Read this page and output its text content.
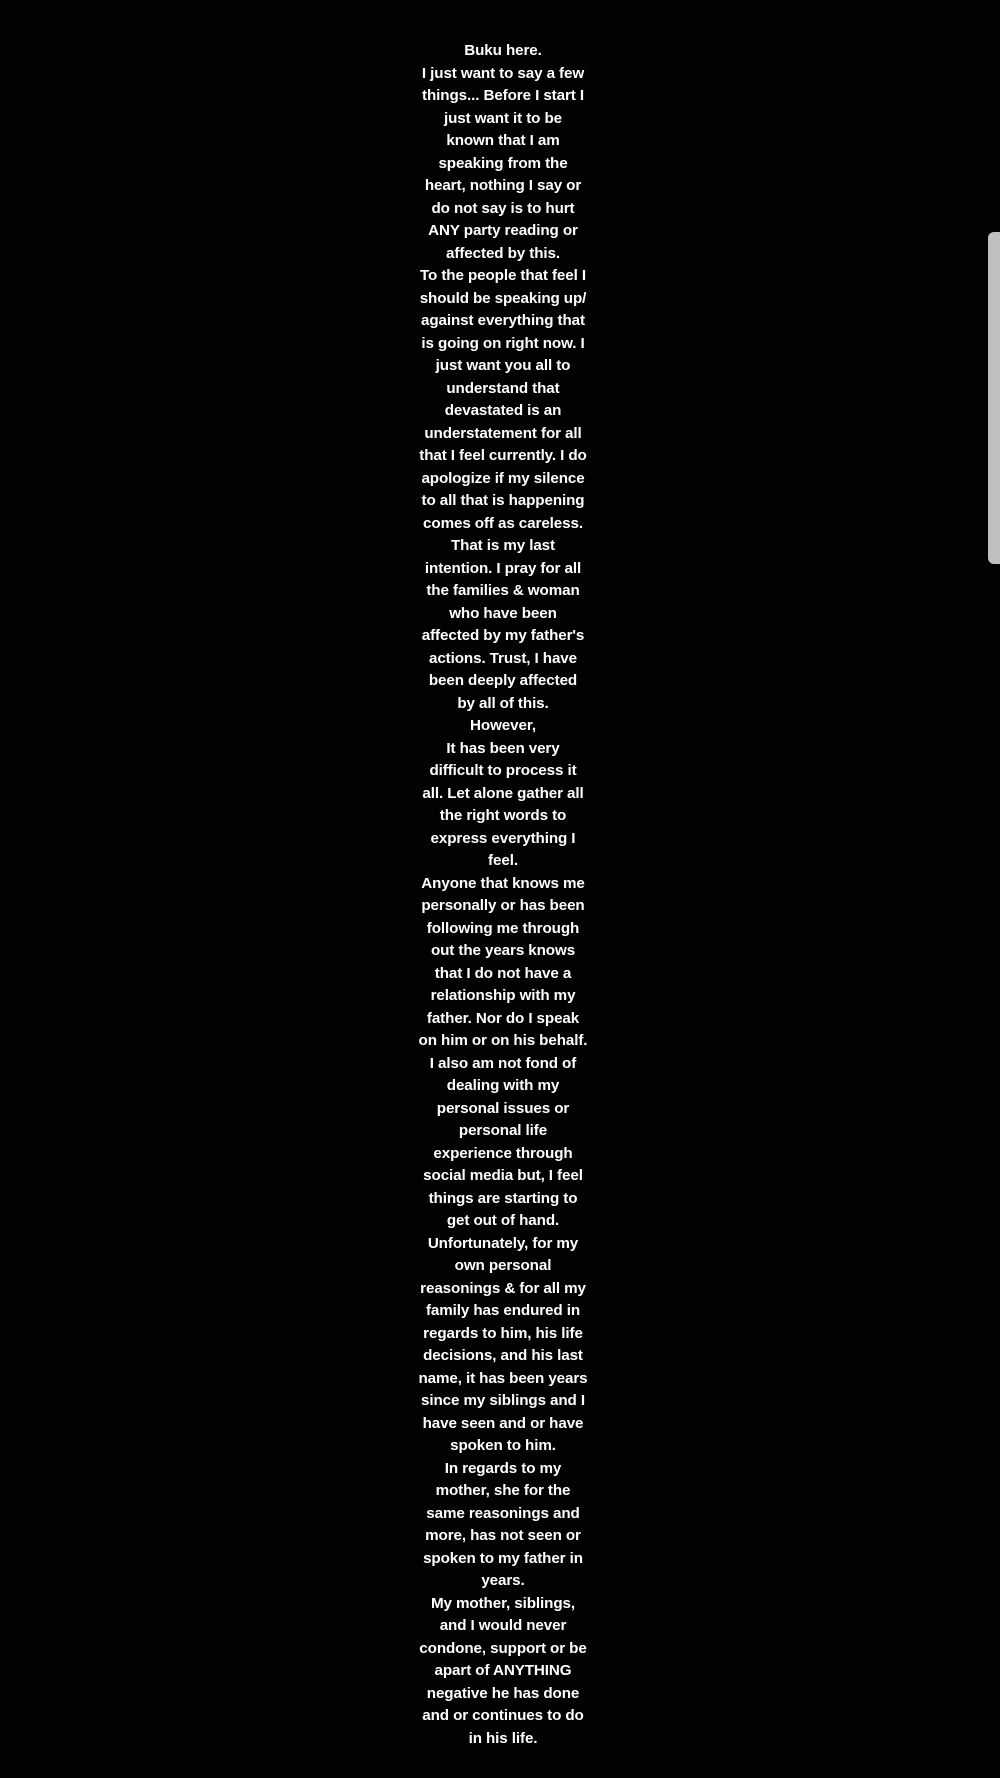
Buku here.
I just want to say a few
things... Before I start I
just want it to be
known that I am
speaking from the
heart, nothing I say or
do not say is to hurt
ANY party reading or
affected by this.
To the people that feel I
should be speaking up/
against everything that
is going on right now. I
just want you all to
understand that
devastated is an
understatement for all
that I feel currently. I do
apologize if my silence
to all that is happening
comes off as careless.
That is my last
intention. I pray for all
the families & woman
who have been
affected by my father's
actions. Trust, I have
been deeply affected
by all of this.
However,
It has been very
difficult to process it
all. Let alone gather all
the right words to
express everything I
feel.
Anyone that knows me
personally or has been
following me through
out the years knows
that I do not have a
relationship with my
father. Nor do I speak
on him or on his behalf.
I also am not fond of
dealing with my
personal issues or
personal life
experience through
social media but, I feel
things are starting to
get out of hand.
Unfortunately, for my
own personal
reasonings & for all my
family has endured in
regards to him, his life
decisions, and his last
name, it has been years
since my siblings and I
have seen and or have
spoken to him.
In regards to my
mother, she for the
same reasonings and
more, has not seen or
spoken to my father in
years.
My mother, siblings,
and I would never
condone, support or be
apart of ANYTHING
negative he has done
and or continues to do
in his life.
